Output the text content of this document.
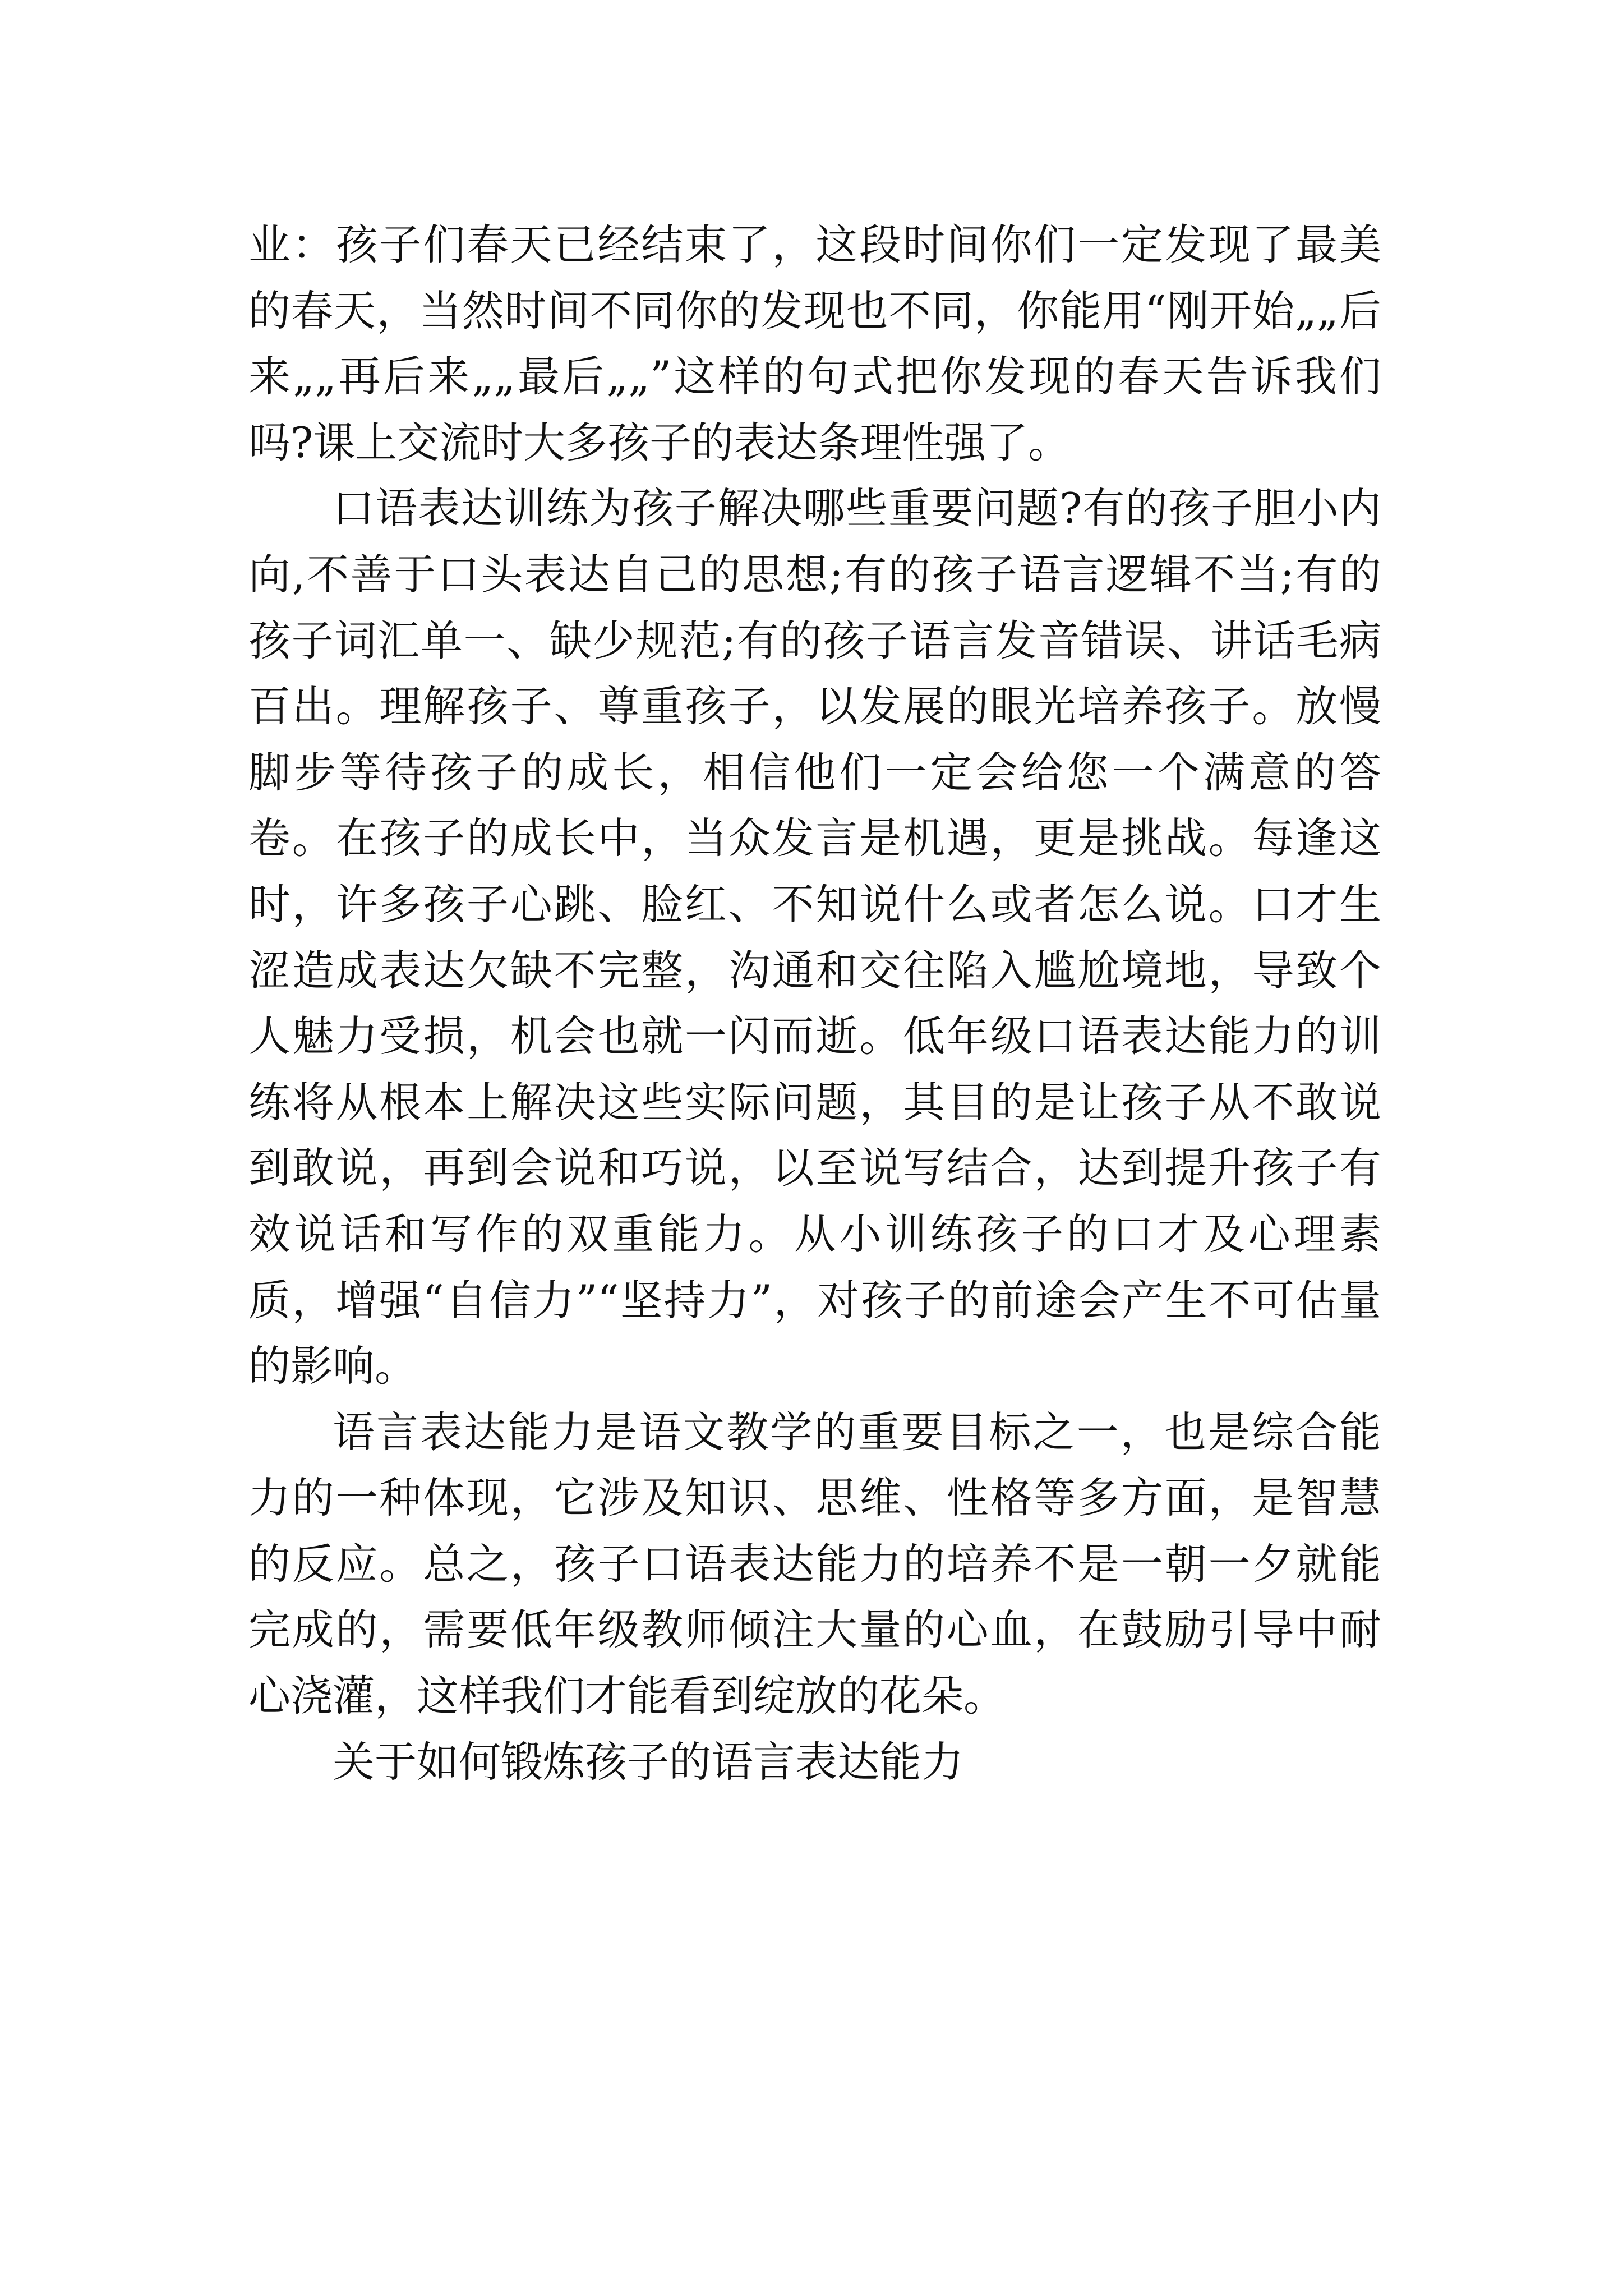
业：孩子们春天已经结束了，这段时间你们一定发现了最美的春天，当然时间不同你的发现也不同，你能用“刚开始„„后来„„再后来„„最后„„”这样的句式把你发现的春天告诉我们吗?课上交流时大多孩子的表达条理性强了。

口语表达训练为孩子解决哪些重要问题?有的孩子胆小内向,不善于口头表达自己的思想;有的孩子语言逻辑不当;有的孩子词汇单一、缺少规范;有的孩子语言发音错误、讲话毛病百出。理解孩子、尊重孩子，以发展的眼光培养孩子。放慢脚步等待孩子的成长，相信他们一定会给您一个满意的答卷。在孩子的成长中，当众发言是机遇，更是挑战。每逢这时，许多孩子心跳、脸红、不知说什么或者怎么说。口才生涩造成表达欠缺不完整，沟通和交往陷入尴尬境地，导致个人魅力受损，机会也就一闪而逝。低年级口语表达能力的训练将从根本上解决这些实际问题，其目的是让孩子从不敢说到敢说，再到会说和巧说，以至说写结合，达到提升孩子有效说话和写作的双重能力。从小训练孩子的口才及心理素质，增强“自信力”“坚持力”，对孩子的前途会产生不可估量的影响。

语言表达能力是语文教学的重要目标之一，也是综合能力的一种体现，它涉及知识、思维、性格等多方面，是智慧的反应。总之，孩子口语表达能力的培养不是一朝一夕就能完成的，需要低年级教师倾注大量的心血，在鼓励引导中耐心浇灌，这样我们才能看到绽放的花朵。

关于如何锻炼孩子的语言表达能力
